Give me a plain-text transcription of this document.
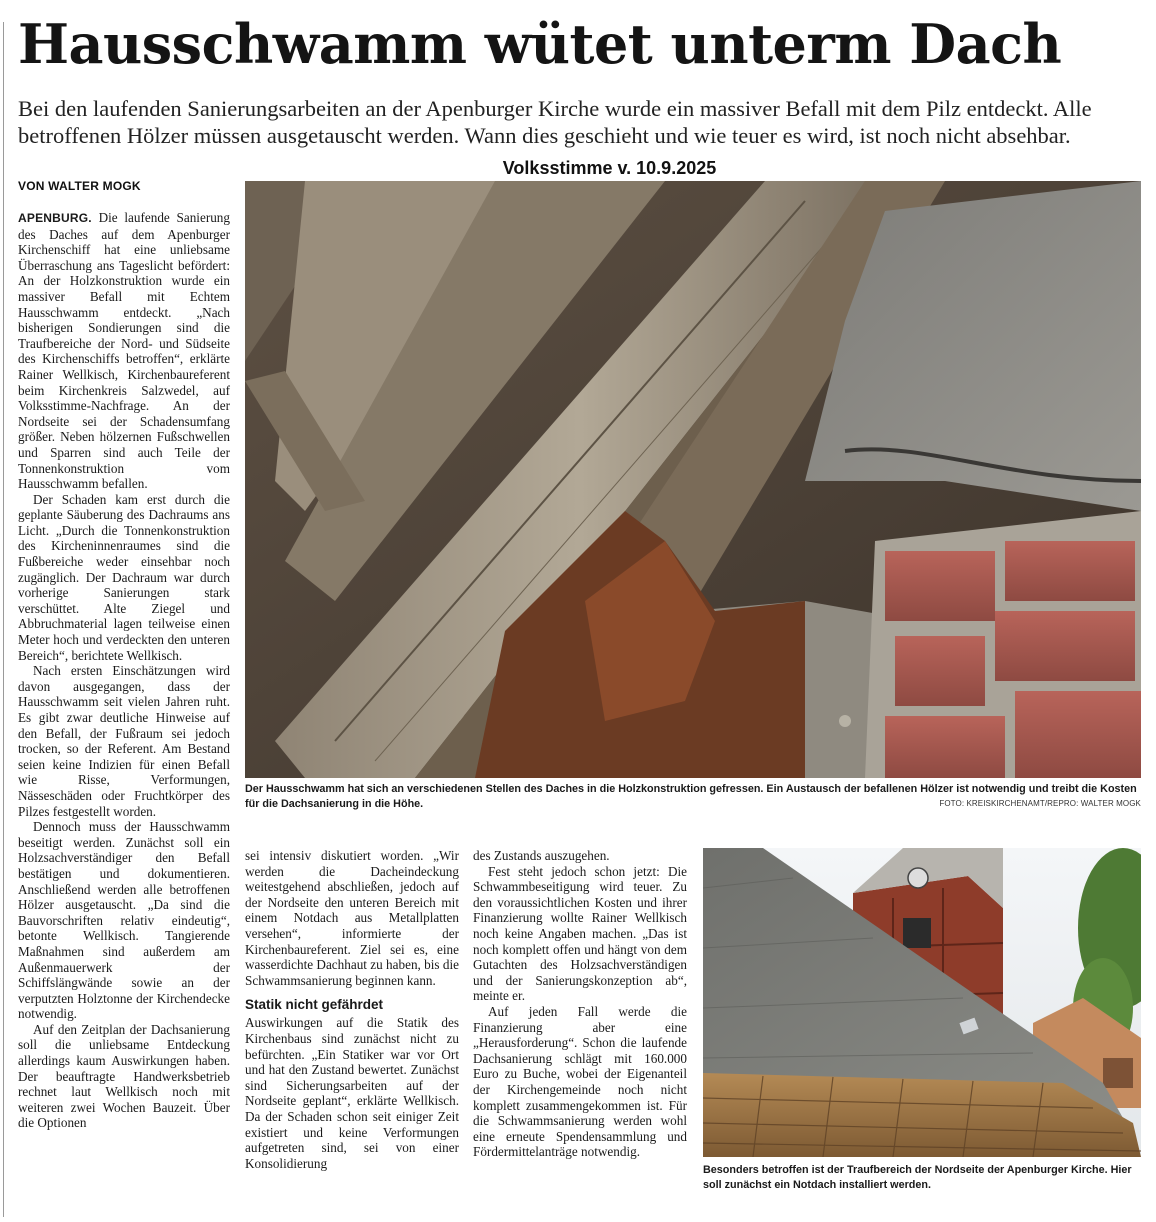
Hausschwamm wütet unterm Dach

Bei den laufenden Sanierungsarbeiten an der Apenburger Kirche wurde ein massiver Befall mit dem Pilz entdeckt. Alle betroffenen Hölzer müssen ausgetauscht werden. Wann dies geschieht und wie teuer es wird, ist noch nicht absehbar.

Volksstimme v. 10.9.2025
VON WALTER MOGK

APENBURG. Die laufende Sanierung des Daches auf dem Apenburger Kirchenschiff hat eine unliebsame Überraschung ans Tageslicht befördert: An der Holzkonstruktion wurde ein massiver Befall mit Echtem Hausschwamm entdeckt. „Nach bisherigen Sondierungen sind die Traufbereiche der Nord- und Südseite des Kirchenschiffs betroffen“, erklärte Rainer Wellkisch, Kirchenbaureferent beim Kirchenkreis Salzwedel, auf Volksstimme-Nachfrage. An der Nordseite sei der Schadensumfang größer. Neben hölzernen Fußschwellen und Sparren sind auch Teile der Tonnenkonstruktion vom Hausschwamm befallen.

Der Schaden kam erst durch die geplante Säuberung des Dachraums ans Licht. „Durch die Tonnenkonstruktion des Kircheninnenraumes sind die Fußbereiche weder einsehbar noch zugänglich. Der Dachraum war durch vorherige Sanierungen stark verschüttet. Alte Ziegel und Abbruchmaterial lagen teilweise einen Meter hoch und verdeckten den unteren Bereich“, berichtete Wellkisch.

Nach ersten Einschätzungen wird davon ausgegangen, dass der Hausschwamm seit vielen Jahren ruht. Es gibt zwar deutliche Hinweise auf den Befall, der Fußraum sei jedoch trocken, so der Referent. Am Bestand seien keine Indizien für einen Befall wie Risse, Verformungen, Nässeschäden oder Fruchtkörper des Pilzes festgestellt worden.

Dennoch muss der Hausschwamm beseitigt werden. Zunächst soll ein Holzsachverständiger den Befall bestätigen und dokumentieren. Anschließend werden alle betroffenen Hölzer ausgetauscht. „Da sind die Bauvorschriften relativ eindeutig“, betonte Wellkisch. Tangierende Maßnahmen sind außerdem am Außenmauerwerk der Schiffslängwände sowie an der verputzten Holztonne der Kirchendecke notwendig.

Auf den Zeitplan der Dachsanierung soll die unliebsame Entdeckung allerdings kaum Auswirkungen haben. Der beauftragte Handwerksbetrieb rechnet laut Wellkisch noch mit weiteren zwei Wochen Bauzeit. Über die Optionen

Der Hausschwamm hat sich an verschiedenen Stellen des Daches in die Holzkonstruktion gefressen. Ein Austausch der befallenen Hölzer ist notwendig und treibt die Kosten für die Dachsanierung in die Höhe.	FOTO: KREISKIRCHENAMT/REPRO: WALTER MOGK

sei intensiv diskutiert worden. „Wir werden die Dacheindeckung weitestgehend abschließen, jedoch auf der Nordseite den unteren Bereich mit einem Notdach aus Metallplatten versehen“, informierte der Kirchenbaureferent. Ziel sei es, eine wasserdichte Dachhaut zu haben, bis die Schwammsanierung beginnen kann.

Statik nicht gefährdet

Auswirkungen auf die Statik des Kirchenbaus sind zunächst nicht zu befürchten. „Ein Statiker war vor Ort und hat den Zustand bewertet. Zunächst sind Sicherungsarbeiten auf der Nordseite geplant“, erklärte Wellkisch. Da der Schaden schon seit einiger Zeit existiert und keine Verformungen aufgetreten sind, sei von einer Konsolidierung

des Zustands auszugehen.

Fest steht jedoch schon jetzt: Die Schwammbeseitigung wird teuer. Zu den voraussichtlichen Kosten und ihrer Finanzierung wollte Rainer Wellkisch noch keine Angaben machen. „Das ist noch komplett offen und hängt von dem Gutachten des Holzsachverständigen und der Sanierungskonzeption ab“, meinte er.

Auf jeden Fall werde die Finanzierung aber eine „Herausforderung“. Schon die laufende Dachsanierung schlägt mit 160.000 Euro zu Buche, wobei der Eigenanteil der Kirchengemeinde noch nicht komplett zusammengekommen ist. Für die Schwammsanierung werden wohl eine erneute Spendensammlung und Fördermittelanträge notwendig.

Besonders betroffen ist der Traufbereich der Nordseite der Apenburger Kirche. Hier soll zunächst ein Notdach installiert werden.
